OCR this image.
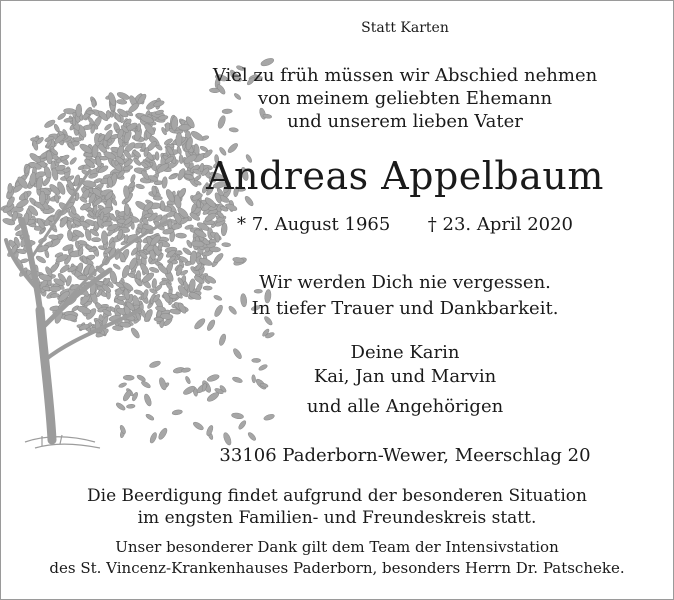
Statt Karten
Viel zu früh müssen wir Abschied nehmen
von meinem geliebten Ehemann
und unserem lieben Vater
Andreas Appelbaum
* 7. August 1965 † 23. April 2020
Wir werden Dich nie vergessen.
In tiefer Trauer und Dankbarkeit.
Deine Karin
Kai, Jan und Marvin
und alle Angehörigen
33106 Paderborn-Wewer, Meerschlag 20
Die Beerdigung findet aufgrund der besonderen Situation
im engsten Familien- und Freundeskreis statt.
Unser besonderer Dank gilt dem Team der Intensivstation
des St. Vincenz-Krankenhauses Paderborn, besonders Herrn Dr. Patscheke.
